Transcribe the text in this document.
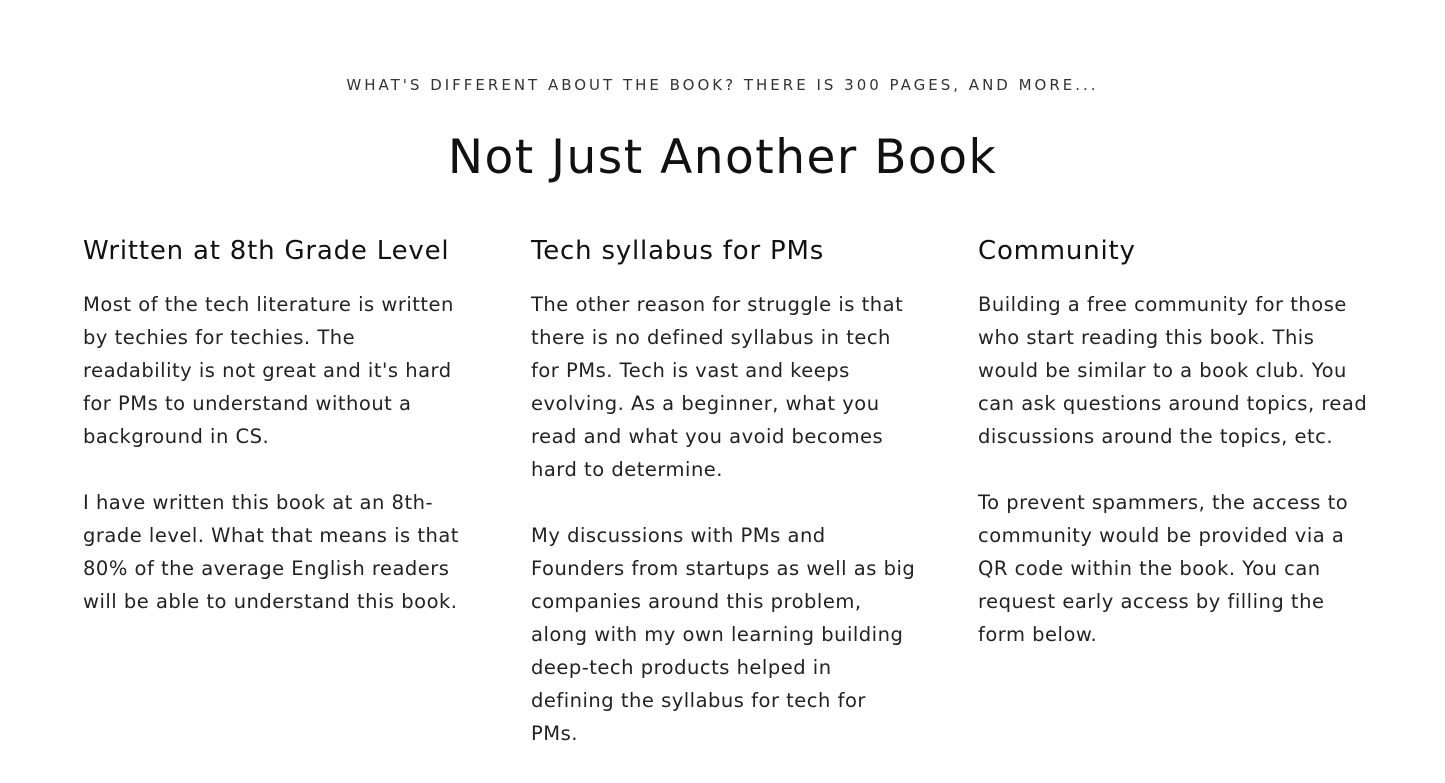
WHAT'S DIFFERENT ABOUT THE BOOK? THERE IS 300 PAGES, AND MORE...
Not Just Another Book
Written at 8th Grade Level

Most of the tech literature is written by techies for techies. The readability is not great and it's hard for PMs to understand without a background in CS.

I have written this book at an 8th-grade level. What that means is that 80% of the average English readers will be able to understand this book.

Tech syllabus for PMs

The other reason for struggle is that there is no defined syllabus in tech for PMs. Tech is vast and keeps evolving. As a beginner, what you read and what you avoid becomes hard to determine.

My discussions with PMs and Founders from startups as well as big companies around this problem, along with my own learning building deep-tech products helped in defining the syllabus for tech for PMs.

Community

Building a free community for those who start reading this book. This would be similar to a book club. You can ask questions around topics, read discussions around the topics, etc.

To prevent spammers, the access to community would be provided via a QR code within the book. You can request early access by filling the form below.
